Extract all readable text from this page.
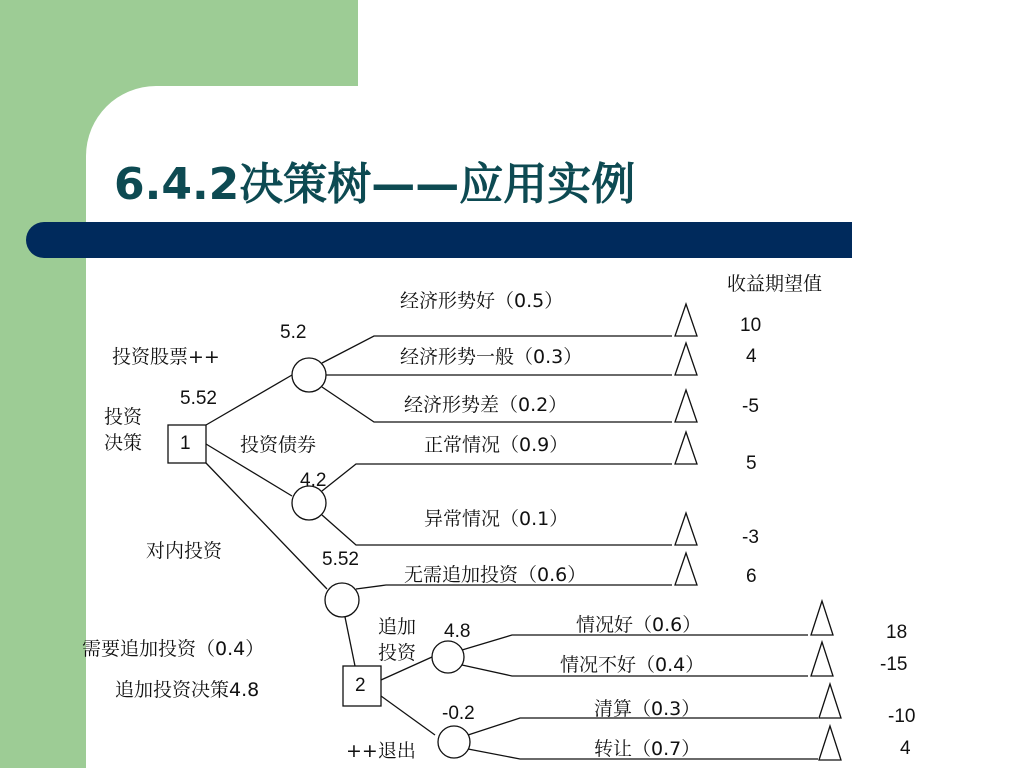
6.4.2决策树——应用实例
1
2
收益期望值
投资
决策
5.52
投资股票++
5.2
经济形势好（0.5）
10
经济形势一般（0.3）	4
经济形势差（0.2）	-5
投资债券
4.2
正常情况（0.9）
5
异常情况（0.1）
-3
对内投资	5.52
无需追加投资（0.6）	6
需要追加投资（0.4）
追加投资决策4.8
追加
投资
4.8	情况好（0.6）	18
情况不好（0.4）	-15
++退出
-0.2	清算（0.3）	-10
转让（0.7）	4
